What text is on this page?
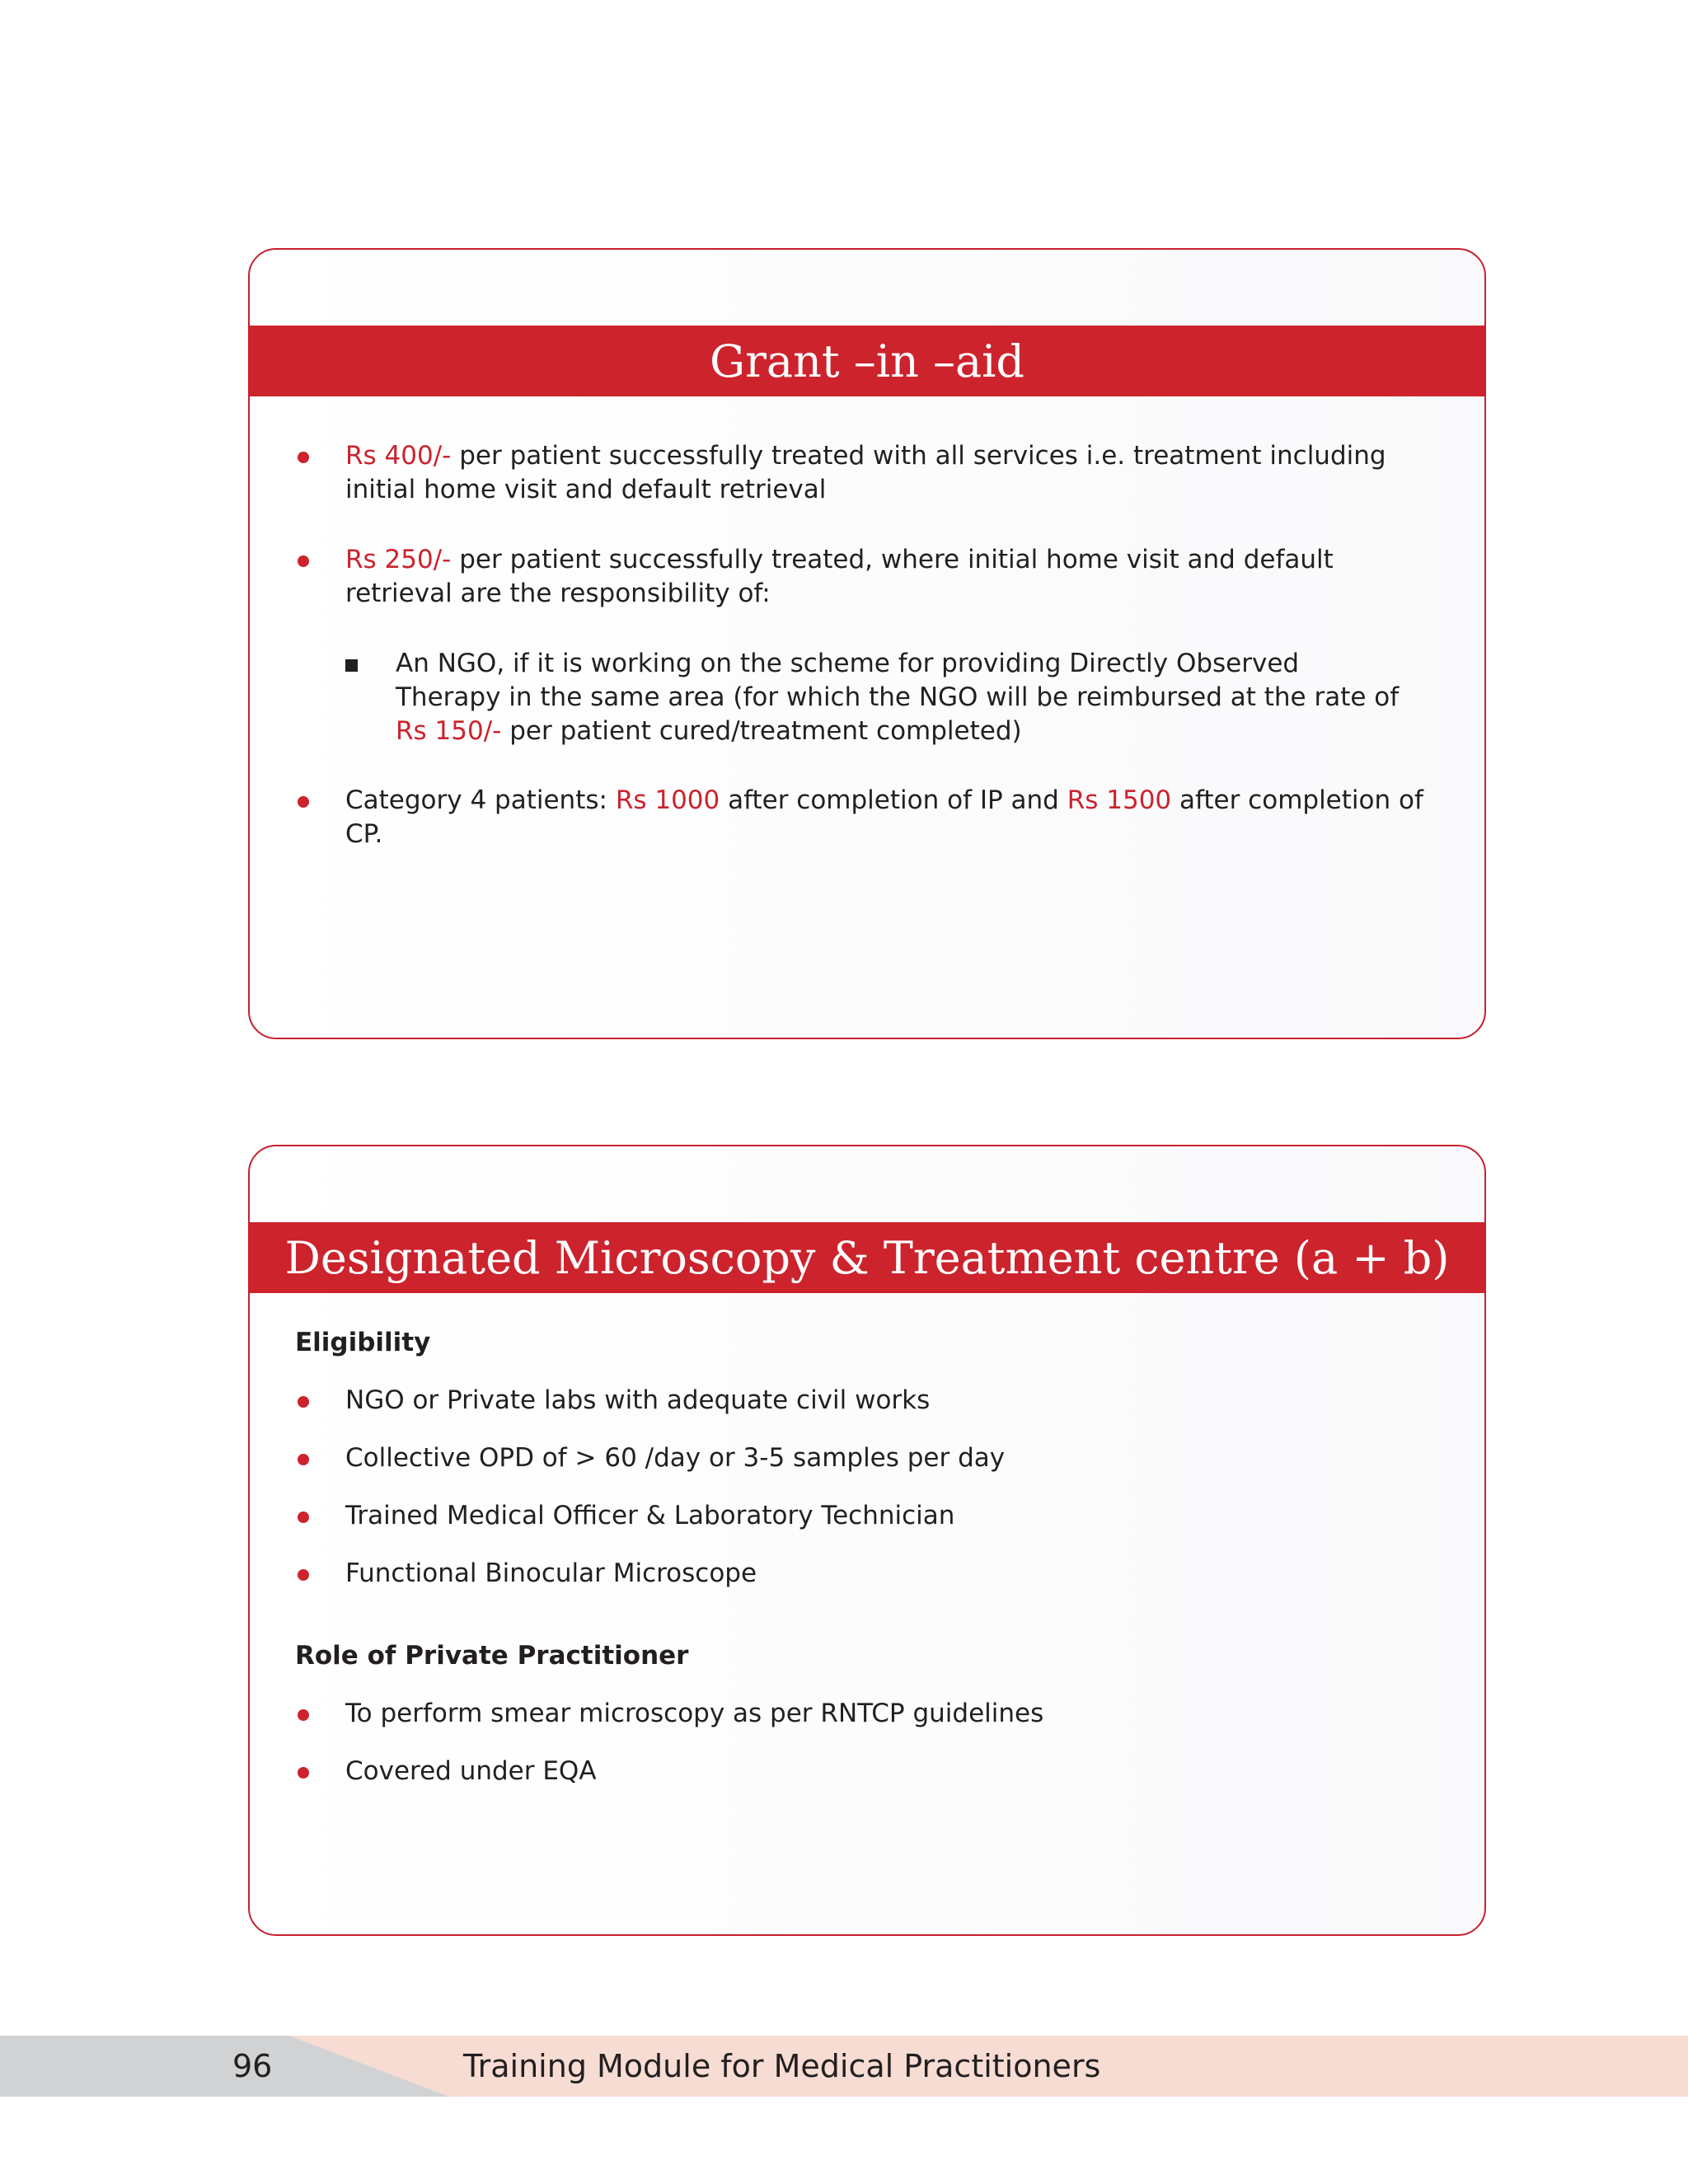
Grant –in –aid
Rs 400/- per patient successfully treated with all services i.e. treatment including initial home visit and default retrieval
Rs 250/- per patient successfully treated, where initial home visit and default retrieval are the responsibility of:
An NGO, if it is working on the scheme for providing Directly Observed Therapy in the same area (for which the NGO will be reimbursed at the rate of Rs 150/- per patient cured/treatment completed)
Category 4 patients: Rs 1000 after completion of IP and Rs 1500 after completion of CP.
Designated Microscopy & Treatment centre (a + b)
Eligibility
NGO or Private labs with adequate civil works
Collective OPD of > 60 /day or 3-5 samples per day
Trained Medical Officer & Laboratory Technician
Functional Binocular Microscope
Role of Private Practitioner
To perform smear microscopy as per RNTCP guidelines
Covered under EQA
96	Training Module for Medical Practitioners
